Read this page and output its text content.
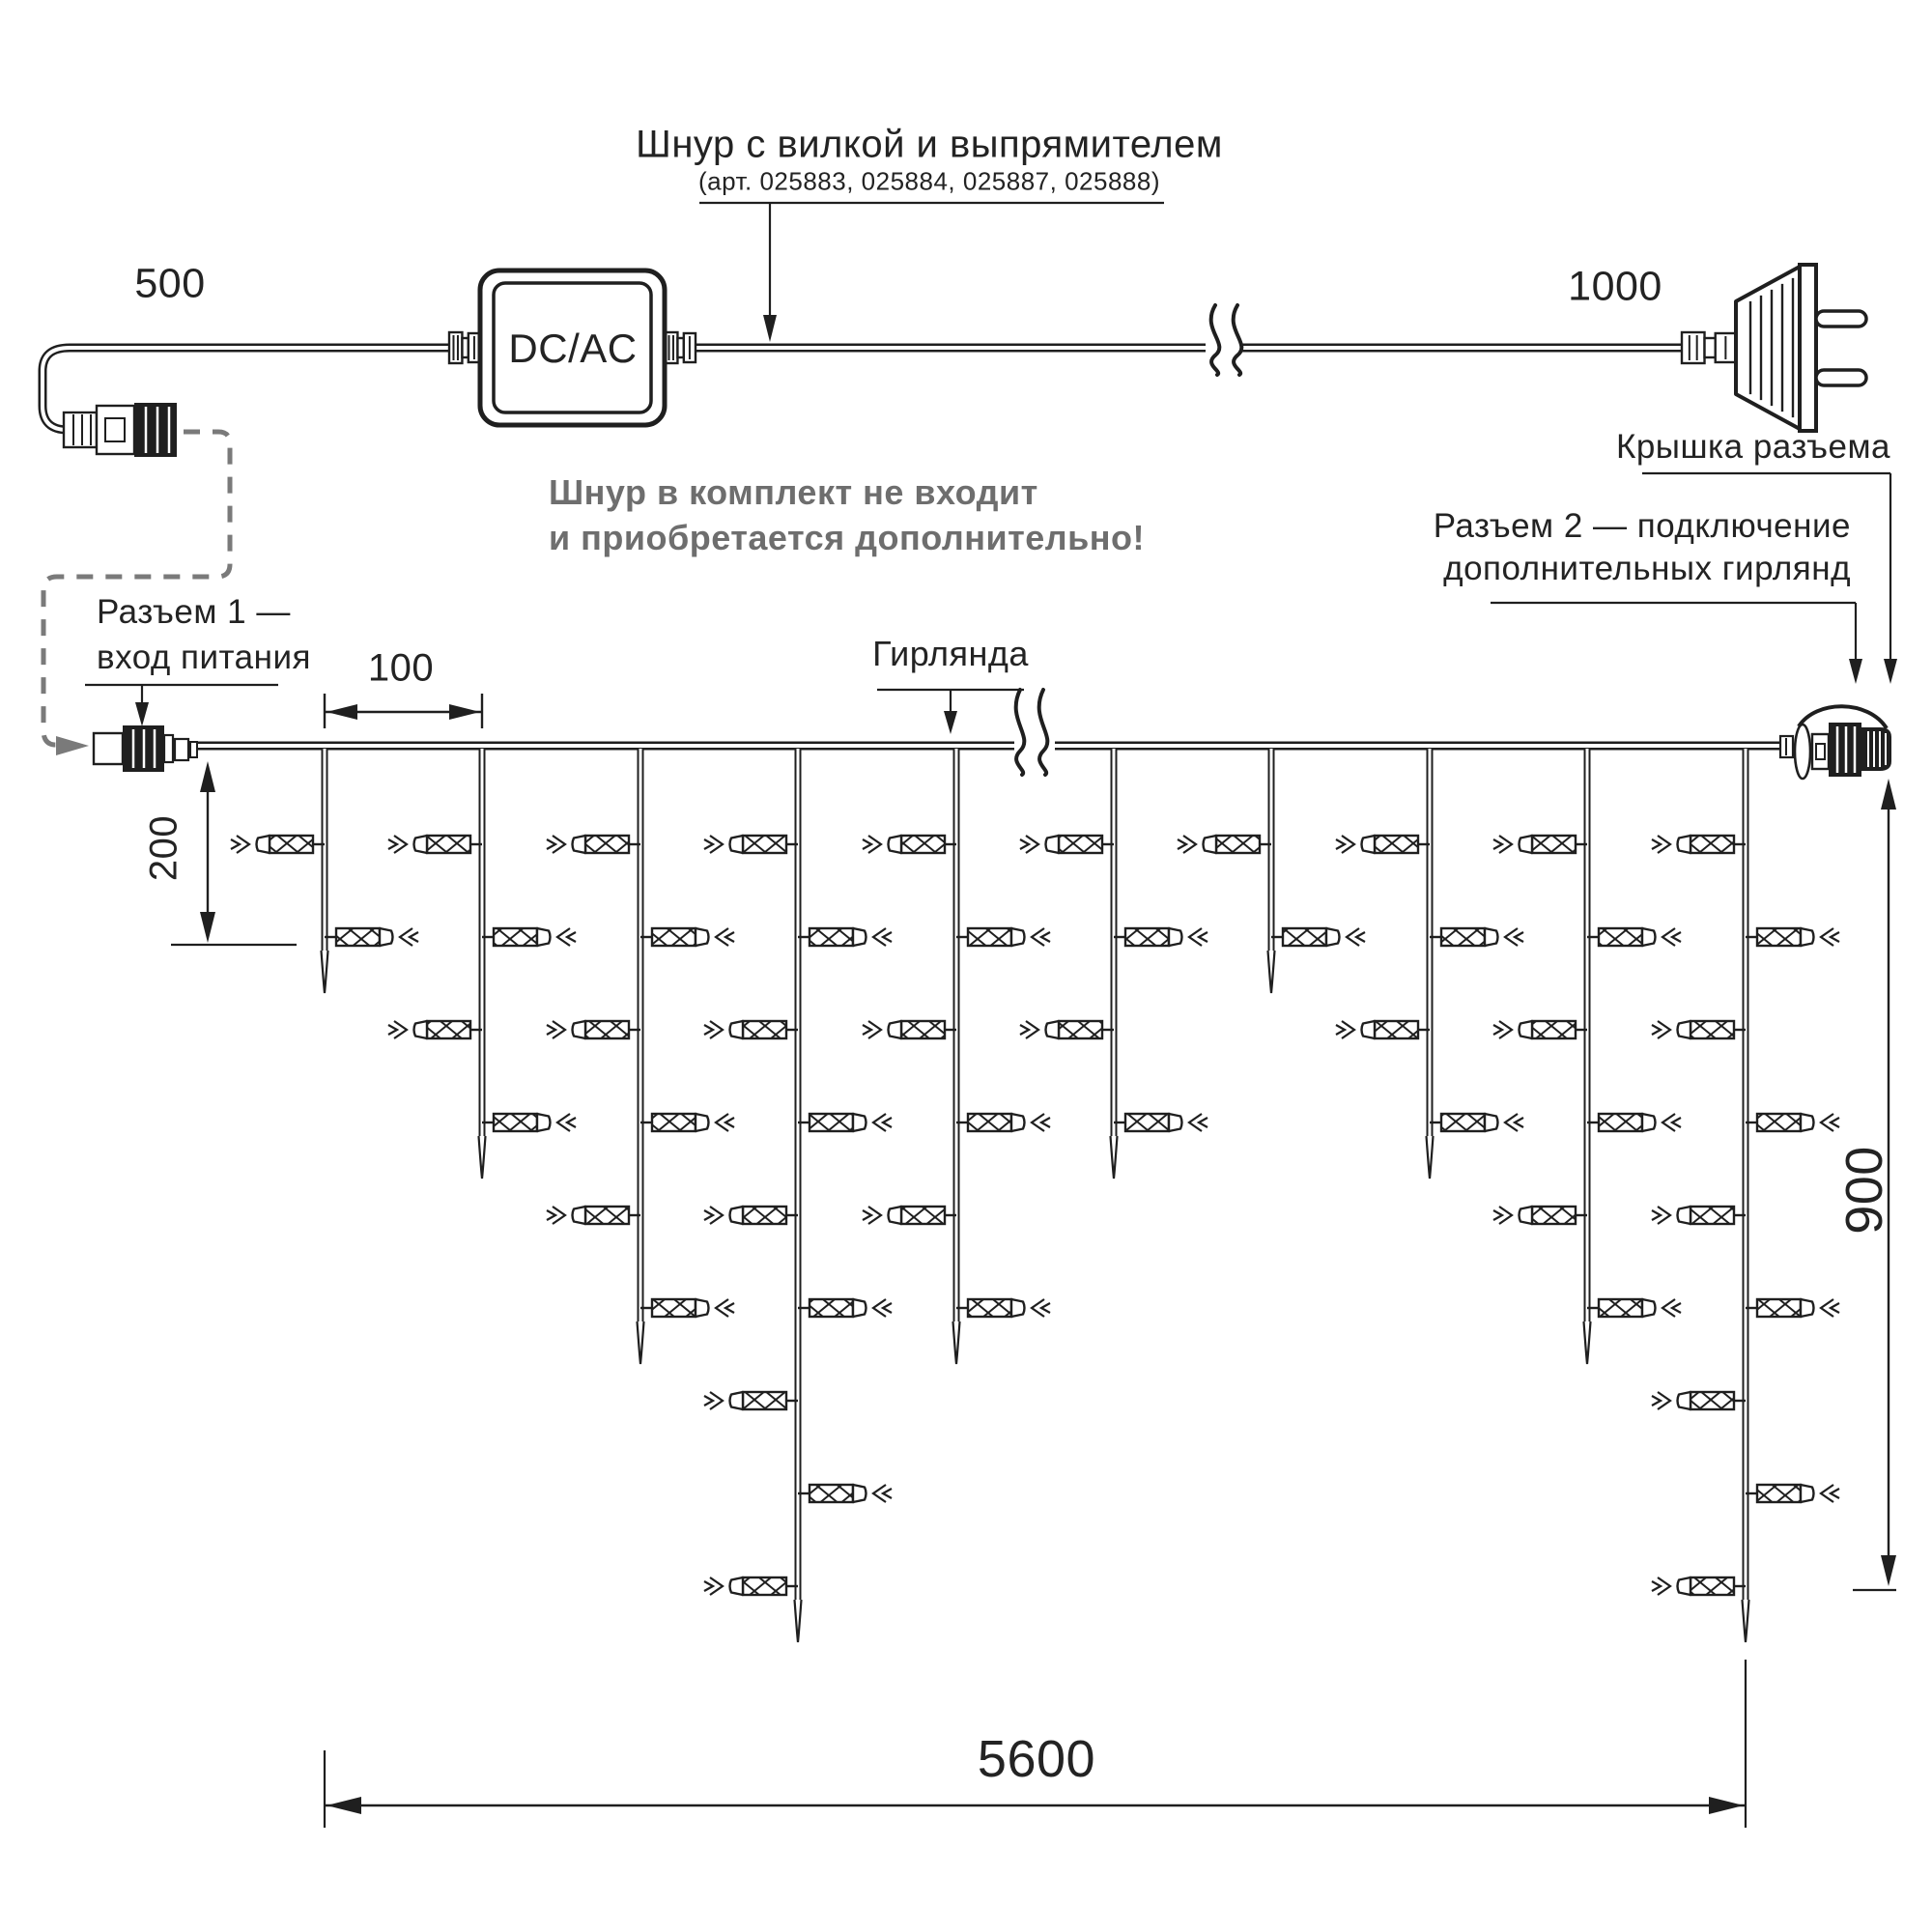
Шнур с вилкой и выпрямителем
(арт. 025883, 025884, 025887, 025888)
500	1000
DC/AC
Шнур в комплект не входит
и приобретается дополнительно!
Крышка разъема
Разъем 2 — подключение
дополнительных гирлянд
Разъем 1 —
вход питания	Гирлянда
100
200
900
5600
